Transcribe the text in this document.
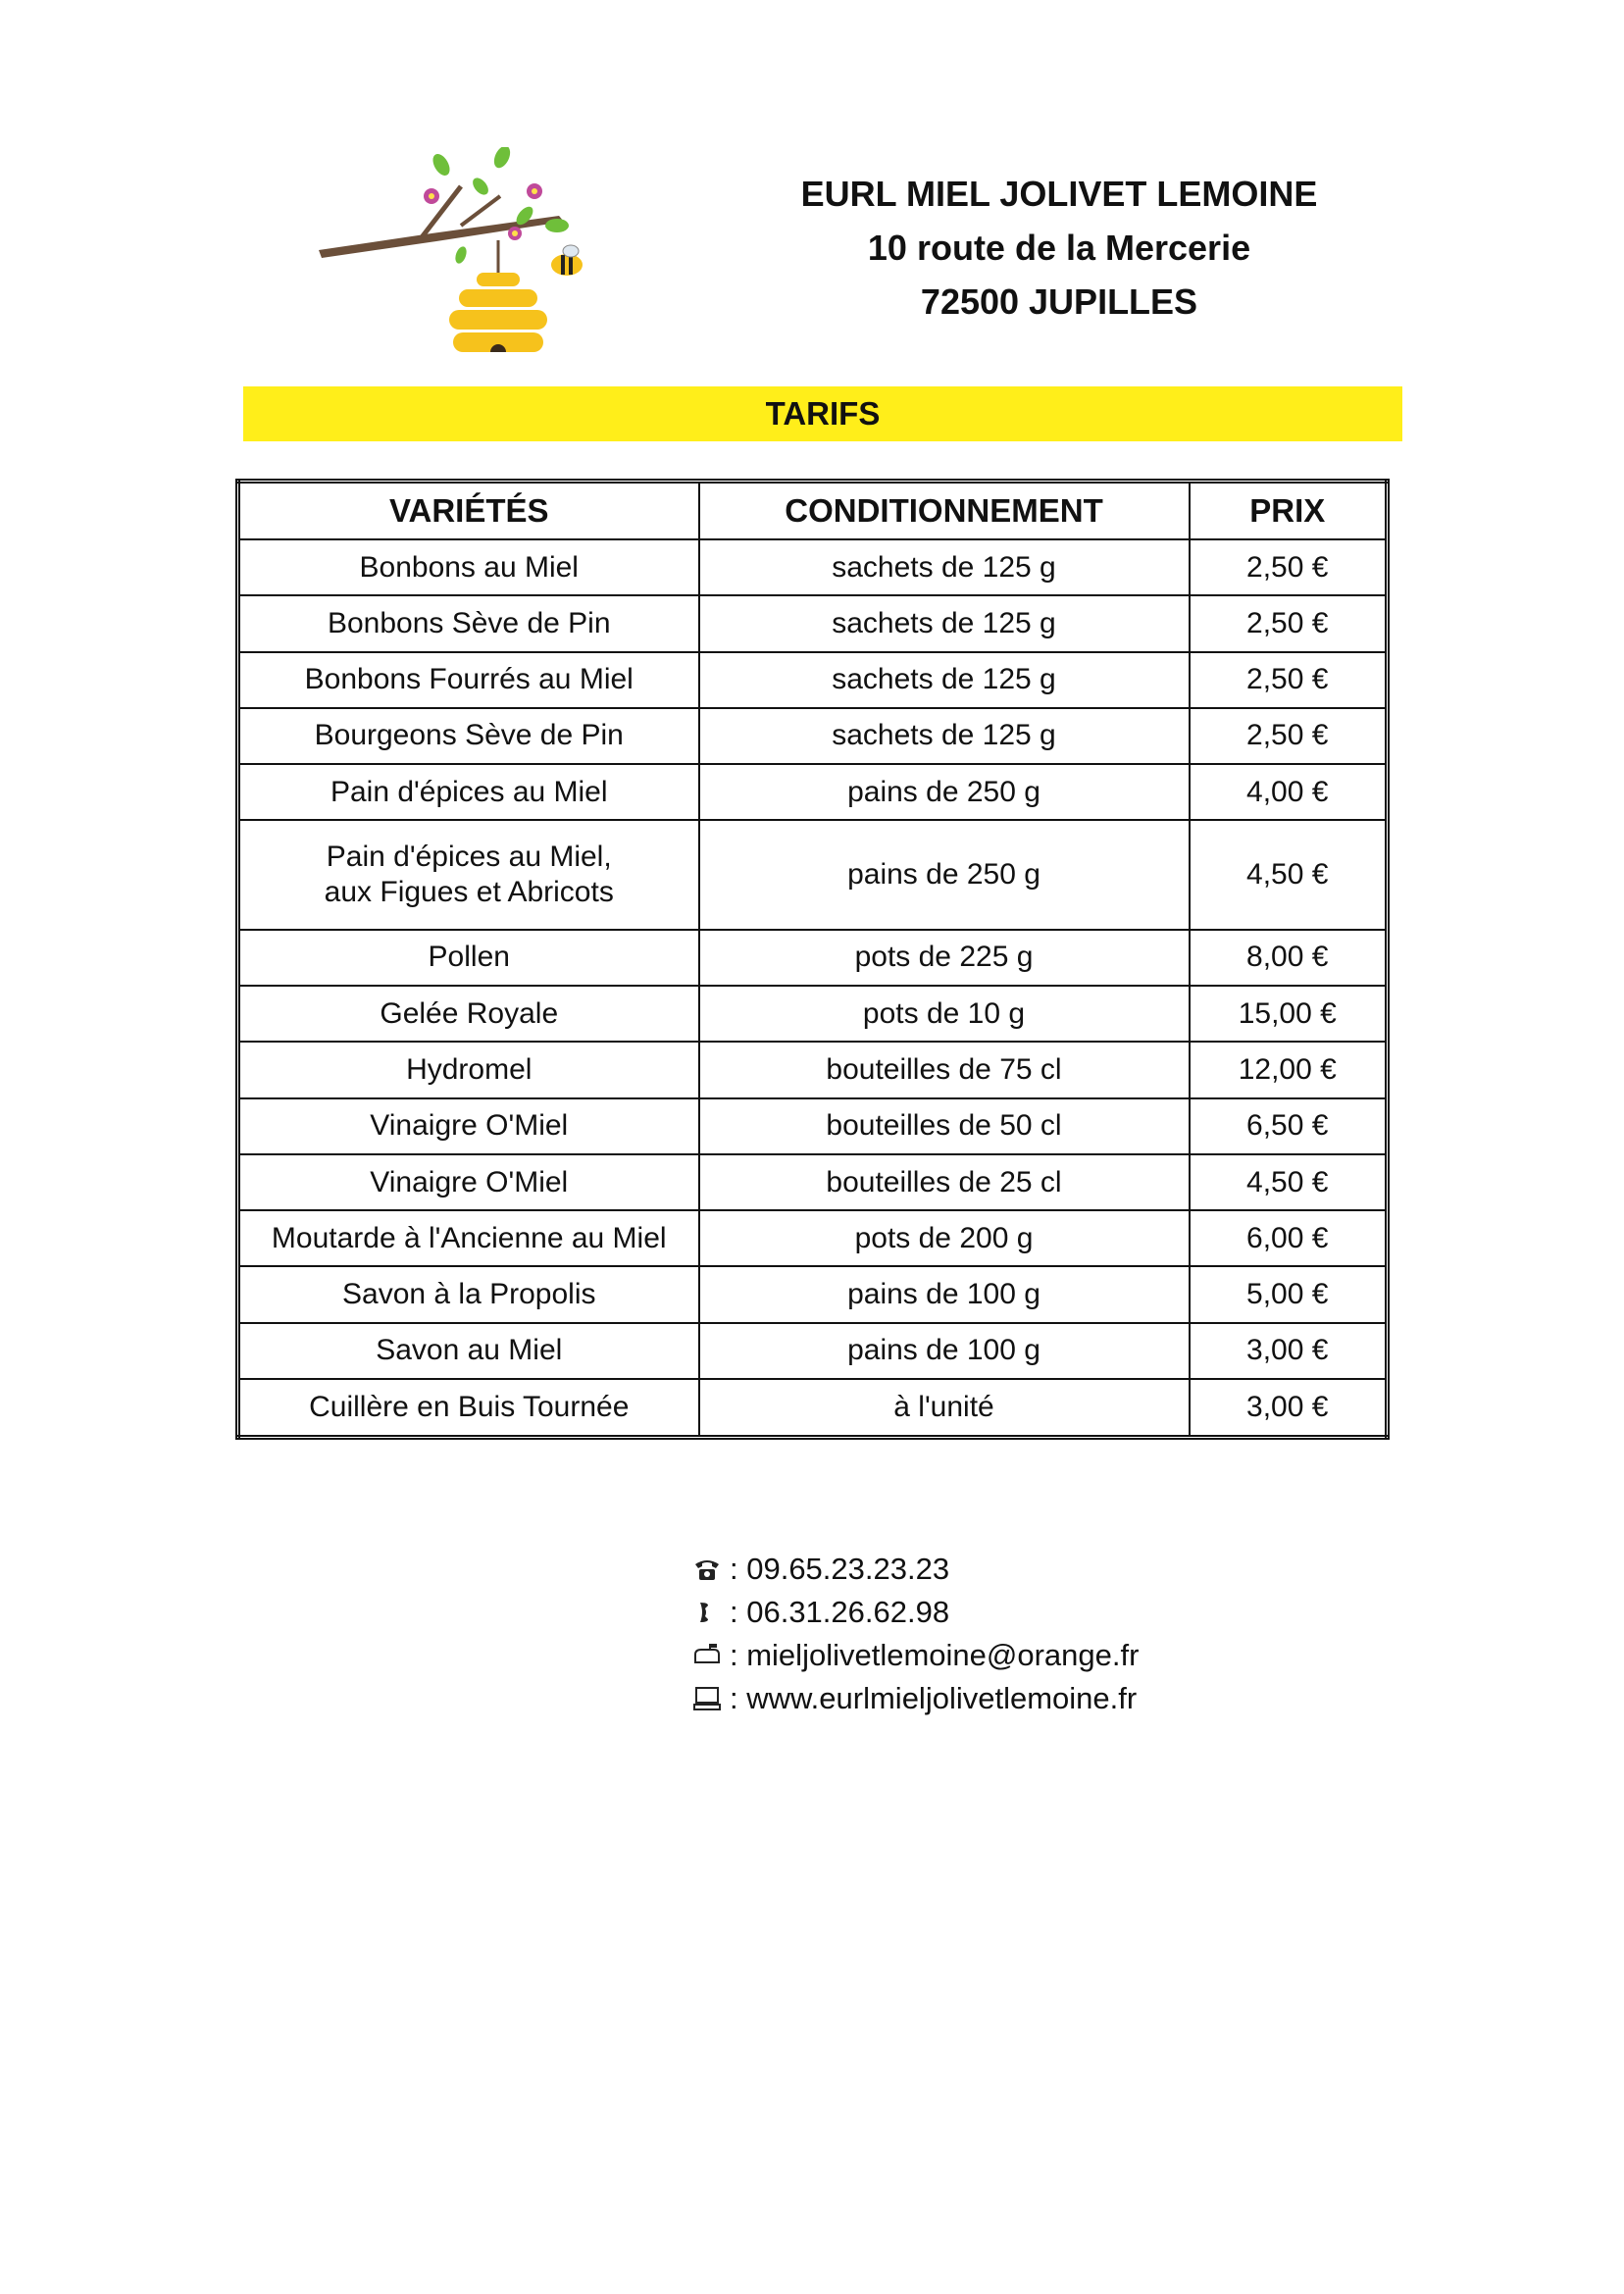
EURL MIEL JOLIVET LEMOINE
10 route de la Mercerie
72500 JUPILLES
TARIFS
VARIÉTÉS	CONDITIONNEMENT	PRIX
Bonbons au Miel	sachets de 125 g	2,50 €
Bonbons Sève de Pin	sachets de 125 g	2,50 €
Bonbons Fourrés au Miel	sachets de 125 g	2,50 €
Bourgeons Sève de Pin	sachets de 125 g	2,50 €
Pain d'épices au Miel	pains de 250 g	4,00 €

Pain d'épices au Miel,
aux Figues et Abricots	pains de 250 g	4,50 €
Pollen	pots de 225 g	8,00 €
Gelée Royale	pots de 10 g	15,00 €
Hydromel	bouteilles de 75 cl	12,00 €
Vinaigre O'Miel	bouteilles de 50 cl	6,50 €
Vinaigre O'Miel	bouteilles de 25 cl	4,50 €
Moutarde à l'Ancienne au Miel	pots de 200 g	6,00 €
Savon à la Propolis	pains de 100 g	5,00 €
Savon au Miel	pains de 100 g	3,00 €
Cuillère en Buis Tournée	à l'unité	3,00 €
: 09.65.23.23.23
: 06.31.26.62.98
: mieljolivetlemoine@orange.fr
: www.eurlmieljolivetlemoine.fr
